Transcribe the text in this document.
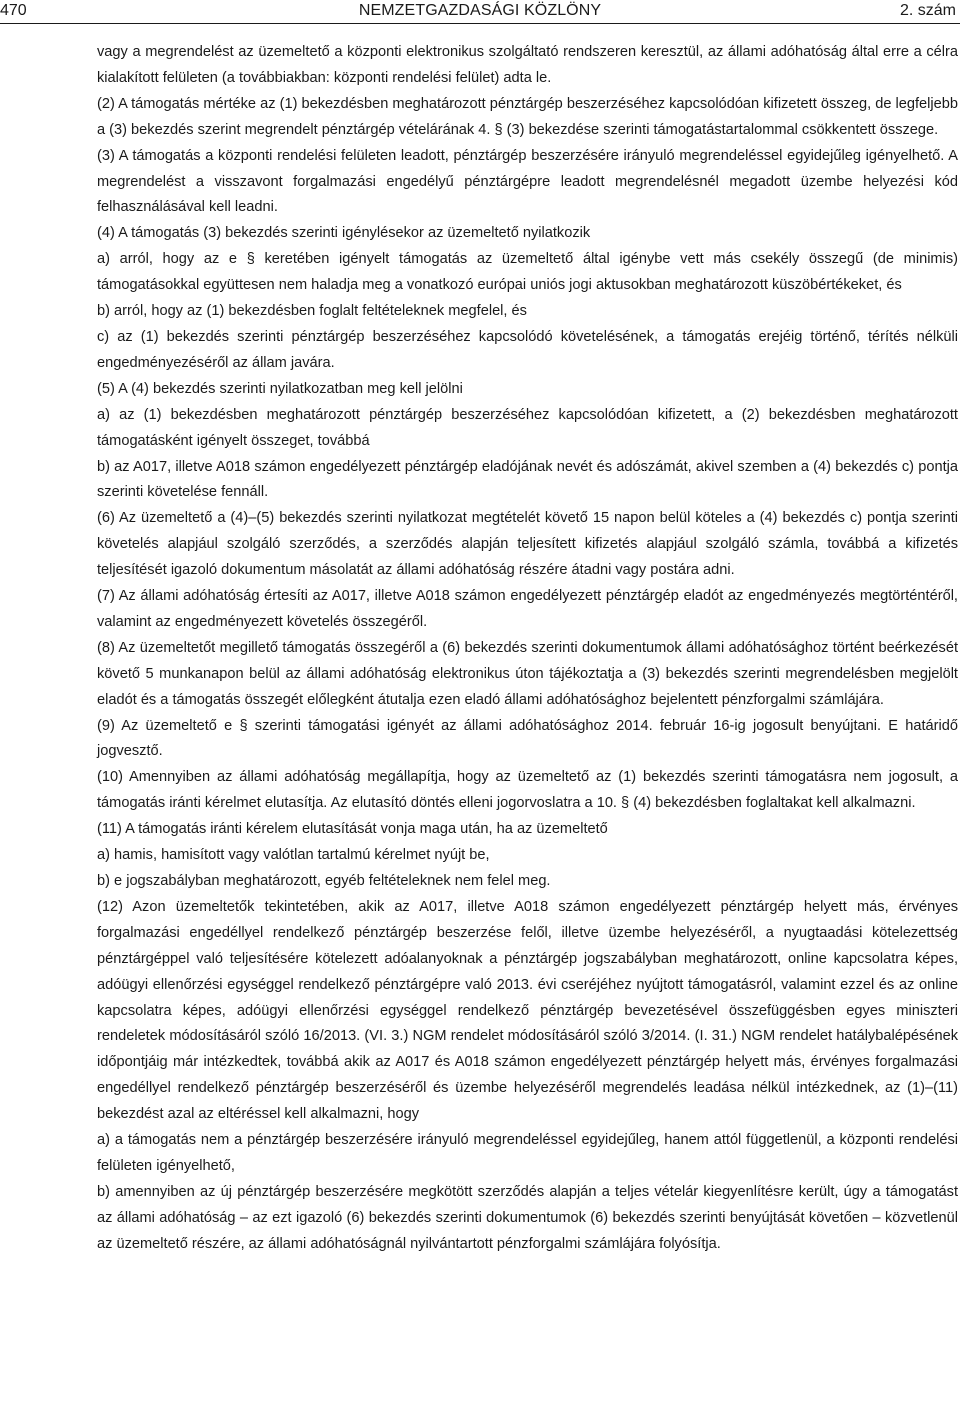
470	NEMZETGAZDASÁGI KÖZLÖNY	2. szám

vagy a megrendelést az üzemeltető a központi elektronikus szolgáltató rendszeren keresztül, az állami adóhatóság által erre a célra kialakított felületen (a továbbiakban: központi rendelési felület) adta le.

(2) A támogatás mértéke az (1) bekezdésben meghatározott pénztárgép beszerzéséhez kapcsolódóan kifizetett összeg, de legfeljebb a (3) bekezdés szerint megrendelt pénztárgép vételárának 4. § (3) bekezdése szerinti támogatástartalommal csökkentett összege.

(3) A támogatás a központi rendelési felületen leadott, pénztárgép beszerzésére irányuló megrendeléssel egyidejűleg igényelhető. A megrendelést a visszavont forgalmazási engedélyű pénztárgépre leadott megrendelésnél megadott üzembe helyezési kód felhasználásával kell leadni.

(4) A támogatás (3) bekezdés szerinti igénylésekor az üzemeltető nyilatkozik

a) arról, hogy az e § keretében igényelt támogatás az üzemeltető által igénybe vett más csekély összegű (de minimis) támogatásokkal együttesen nem haladja meg a vonatkozó európai uniós jogi aktusokban meghatározott küszöbértékeket, és

b) arról, hogy az (1) bekezdésben foglalt feltételeknek megfelel, és

c) az (1) bekezdés szerinti pénztárgép beszerzéséhez kapcsolódó követelésének, a támogatás erejéig történő, térítés nélküli engedményezéséről az állam javára.

(5) A (4) bekezdés szerinti nyilatkozatban meg kell jelölni

a) az (1) bekezdésben meghatározott pénztárgép beszerzéséhez kapcsolódóan kifizetett, a (2) bekezdésben meghatározott támogatásként igényelt összeget, továbbá

b) az A017, illetve A018 számon engedélyezett pénztárgép eladójának nevét és adószámát, akivel szemben a (4) bekezdés c) pontja szerinti követelése fennáll.

(6) Az üzemeltető a (4)–(5) bekezdés szerinti nyilatkozat megtételét követő 15 napon belül köteles a (4) bekezdés c) pontja szerinti követelés alapjául szolgáló szerződés, a szerződés alapján teljesített kifizetés alapjául szolgáló számla, továbbá a kifizetés teljesítését igazoló dokumentum másolatát az állami adóhatóság részére átadni vagy postára adni.

(7) Az állami adóhatóság értesíti az A017, illetve A018 számon engedélyezett pénztárgép eladót az engedményezés megtörténtéről, valamint az engedményezett követelés összegéről.

(8) Az üzemeltetőt megillető támogatás összegéről a (6) bekezdés szerinti dokumentumok állami adóhatósághoz történt beérkezését követő 5 munkanapon belül az állami adóhatóság elektronikus úton tájékoztatja a (3) bekezdés szerinti megrendelésben megjelölt eladót és a támogatás összegét előlegként átutalja ezen eladó állami adóhatósághoz bejelentett pénzforgalmi számlájára.

(9) Az üzemeltető e § szerinti támogatási igényét az állami adóhatósághoz 2014. február 16-ig jogosult benyújtani. E határidő jogvesztő.

(10) Amennyiben az állami adóhatóság megállapítja, hogy az üzemeltető az (1) bekezdés szerinti támogatásra nem jogosult, a támogatás iránti kérelmet elutasítja. Az elutasító döntés elleni jogorvoslatra a 10. § (4) bekezdésben foglaltakat kell alkalmazni.

(11) A támogatás iránti kérelem elutasítását vonja maga után, ha az üzemeltető

a) hamis, hamisított vagy valótlan tartalmú kérelmet nyújt be,

b) e jogszabályban meghatározott, egyéb feltételeknek nem felel meg.

(12) Azon üzemeltetők tekintetében, akik az A017, illetve A018 számon engedélyezett pénztárgép helyett más, érvényes forgalmazási engedéllyel rendelkező pénztárgép beszerzése felől, illetve üzembe helyezéséről, a nyugtaadási kötelezettség pénztárgéppel való teljesítésére kötelezett adóalanyoknak a pénztárgép jogszabályban meghatározott, online kapcsolatra képes, adóügyi ellenőrzési egységgel rendelkező pénztárgépre való 2013. évi cseréjéhez nyújtott támogatásról, valamint ezzel és az online kapcsolatra képes, adóügyi ellenőrzési egységgel rendelkező pénztárgép bevezetésével összefüggésben egyes miniszteri rendeletek módosításáról szóló 16/2013. (VI. 3.) NGM rendelet módosításáról szóló 3/2014. (I. 31.) NGM rendelet hatálybalépésének időpontjáig már intézkedtek, továbbá akik az A017 és A018 számon engedélyezett pénztárgép helyett más, érvényes forgalmazási engedéllyel rendelkező pénztárgép beszerzéséről és üzembe helyezéséről megrendelés leadása nélkül intézkednek, az (1)–(11) bekezdést azal az eltéréssel kell alkalmazni, hogy

a) a támogatás nem a pénztárgép beszerzésére irányuló megrendeléssel egyidejűleg, hanem attól függetlenül, a központi rendelési felületen igényelhető,

b) amennyiben az új pénztárgép beszerzésére megkötött szerződés alapján a teljes vételár kiegyenlítésre került, úgy a támogatást az állami adóhatóság – az ezt igazoló (6) bekezdés szerinti dokumentumok (6) bekezdés szerinti benyújtását követően – közvetlenül az üzemeltető részére, az állami adóhatóságnál nyilvántartott pénzforgalmi számlájára folyósítja.
